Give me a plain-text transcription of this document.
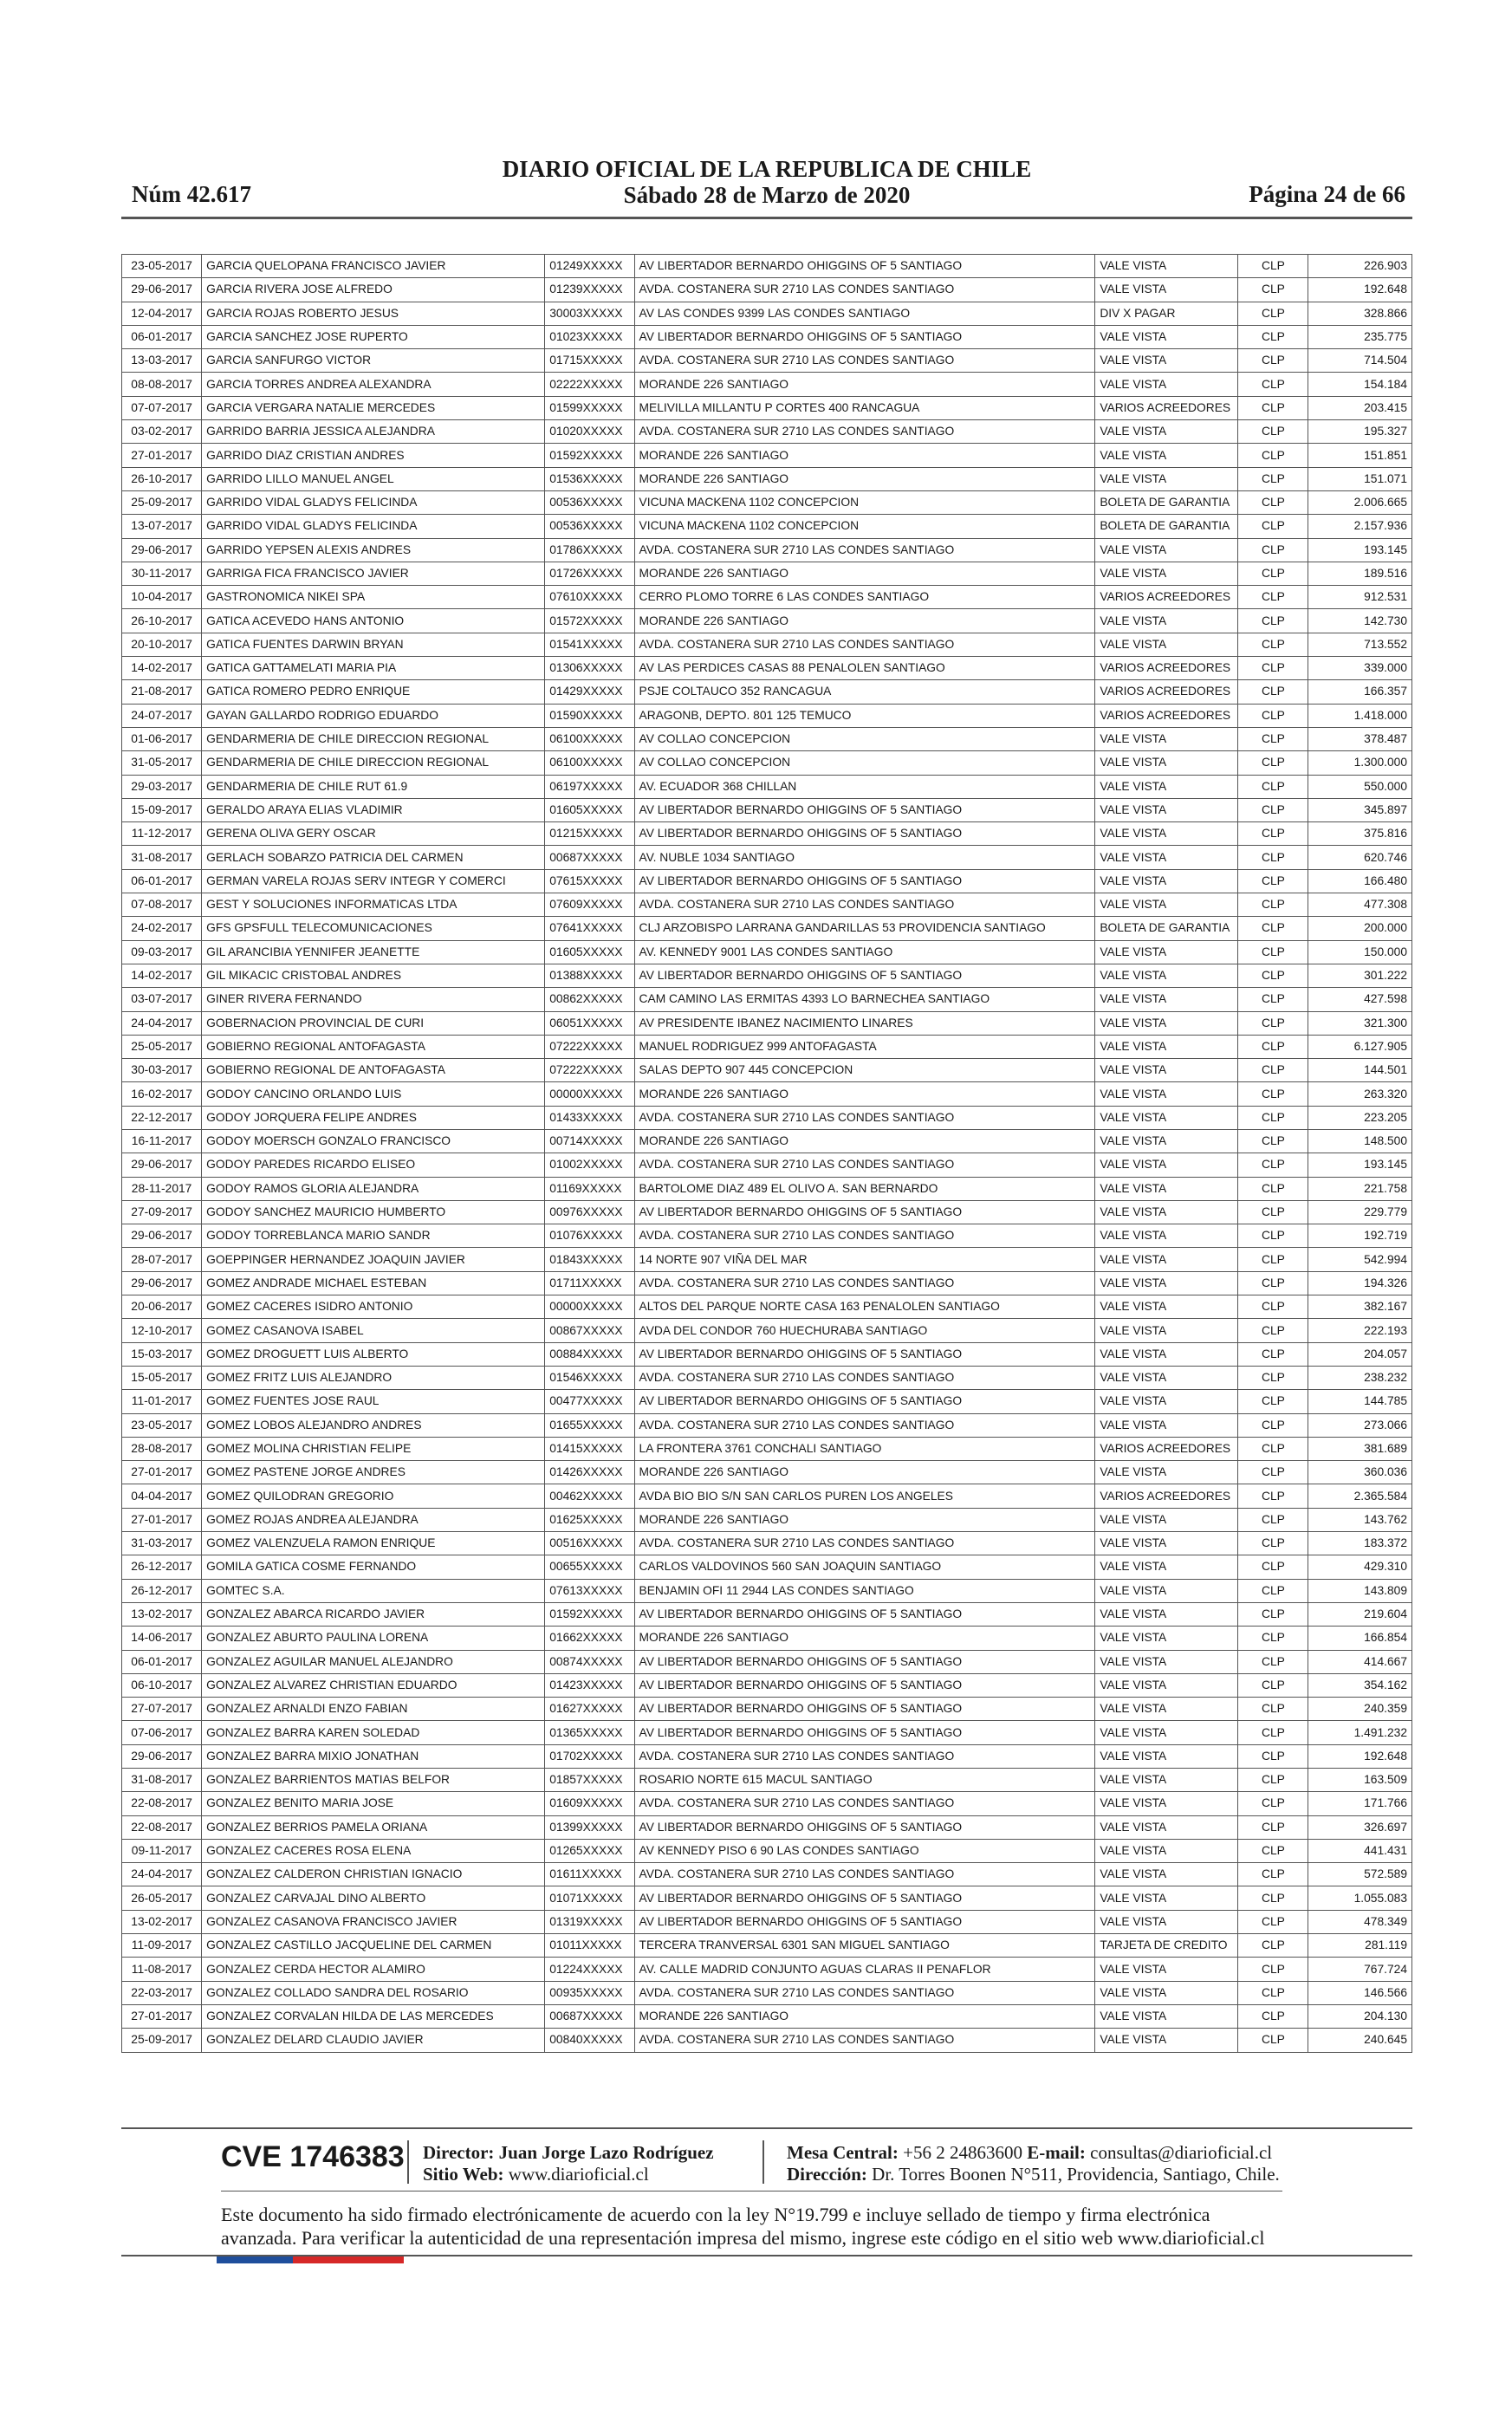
Núm 42.617
DIARIO OFICIAL DE LA REPUBLICA DE CHILE
Sábado 28 de Marzo de 2020	Página 24 de 66
23-05-2017	GARCIA QUELOPANA FRANCISCO JAVIER	01249XXXXX	AV LIBERTADOR BERNARDO OHIGGINS OF 5 SANTIAGO	VALE VISTA	CLP	226.903
29-06-2017	GARCIA RIVERA JOSE ALFREDO	01239XXXXX	AVDA. COSTANERA SUR 2710 LAS CONDES SANTIAGO	VALE VISTA	CLP	192.648
12-04-2017	GARCIA ROJAS ROBERTO JESUS	30003XXXXX	AV LAS CONDES 9399 LAS CONDES SANTIAGO	DIV X PAGAR	CLP	328.866
06-01-2017	GARCIA SANCHEZ JOSE RUPERTO	01023XXXXX	AV LIBERTADOR BERNARDO OHIGGINS OF 5 SANTIAGO	VALE VISTA	CLP	235.775
13-03-2017	GARCIA SANFURGO VICTOR	01715XXXXX	AVDA. COSTANERA SUR 2710 LAS CONDES SANTIAGO	VALE VISTA	CLP	714.504
08-08-2017	GARCIA TORRES ANDREA ALEXANDRA	02222XXXXX	MORANDE 226 SANTIAGO	VALE VISTA	CLP	154.184
07-07-2017	GARCIA VERGARA NATALIE MERCEDES	01599XXXXX	MELIVILLA MILLANTU P CORTES 400 RANCAGUA	VARIOS ACREEDORES	CLP	203.415
03-02-2017	GARRIDO BARRIA JESSICA ALEJANDRA	01020XXXXX	AVDA. COSTANERA SUR 2710 LAS CONDES SANTIAGO	VALE VISTA	CLP	195.327
27-01-2017	GARRIDO DIAZ CRISTIAN ANDRES	01592XXXXX	MORANDE 226 SANTIAGO	VALE VISTA	CLP	151.851
26-10-2017	GARRIDO LILLO MANUEL ANGEL	01536XXXXX	MORANDE 226 SANTIAGO	VALE VISTA	CLP	151.071
25-09-2017	GARRIDO VIDAL GLADYS FELICINDA	00536XXXXX	VICUNA MACKENA 1102 CONCEPCION	BOLETA DE GARANTIA	CLP	2.006.665
13-07-2017	GARRIDO VIDAL GLADYS FELICINDA	00536XXXXX	VICUNA MACKENA 1102 CONCEPCION	BOLETA DE GARANTIA	CLP	2.157.936
29-06-2017	GARRIDO YEPSEN ALEXIS ANDRES	01786XXXXX	AVDA. COSTANERA SUR 2710 LAS CONDES SANTIAGO	VALE VISTA	CLP	193.145
30-11-2017	GARRIGA FICA FRANCISCO JAVIER	01726XXXXX	MORANDE 226 SANTIAGO	VALE VISTA	CLP	189.516
10-04-2017	GASTRONOMICA NIKEI SPA	07610XXXXX	CERRO PLOMO TORRE 6 LAS CONDES SANTIAGO	VARIOS ACREEDORES	CLP	912.531
26-10-2017	GATICA ACEVEDO HANS ANTONIO	01572XXXXX	MORANDE 226 SANTIAGO	VALE VISTA	CLP	142.730
20-10-2017	GATICA FUENTES DARWIN BRYAN	01541XXXXX	AVDA. COSTANERA SUR 2710 LAS CONDES SANTIAGO	VALE VISTA	CLP	713.552
14-02-2017	GATICA GATTAMELATI MARIA PIA	01306XXXXX	AV LAS PERDICES CASAS 88 PENALOLEN SANTIAGO	VARIOS ACREEDORES	CLP	339.000
21-08-2017	GATICA ROMERO PEDRO ENRIQUE	01429XXXXX	PSJE COLTAUCO 352 RANCAGUA	VARIOS ACREEDORES	CLP	166.357
24-07-2017	GAYAN GALLARDO RODRIGO EDUARDO	01590XXXXX	ARAGONB, DEPTO. 801 125 TEMUCO	VARIOS ACREEDORES	CLP	1.418.000
01-06-2017	GENDARMERIA DE CHILE DIRECCION REGIONAL	06100XXXXX	AV COLLAO CONCEPCION	VALE VISTA	CLP	378.487
31-05-2017	GENDARMERIA DE CHILE DIRECCION REGIONAL	06100XXXXX	AV COLLAO CONCEPCION	VALE VISTA	CLP	1.300.000
29-03-2017	GENDARMERIA DE CHILE RUT 61.9	06197XXXXX	AV. ECUADOR 368 CHILLAN	VALE VISTA	CLP	550.000
15-09-2017	GERALDO ARAYA ELIAS VLADIMIR	01605XXXXX	AV LIBERTADOR BERNARDO OHIGGINS OF 5 SANTIAGO	VALE VISTA	CLP	345.897
11-12-2017	GERENA OLIVA GERY OSCAR	01215XXXXX	AV LIBERTADOR BERNARDO OHIGGINS OF 5 SANTIAGO	VALE VISTA	CLP	375.816
31-08-2017	GERLACH SOBARZO PATRICIA DEL CARMEN	00687XXXXX	AV. NUBLE 1034 SANTIAGO	VALE VISTA	CLP	620.746
06-01-2017	GERMAN VARELA ROJAS SERV INTEGR Y COMERCI	07615XXXXX	AV LIBERTADOR BERNARDO OHIGGINS OF 5 SANTIAGO	VALE VISTA	CLP	166.480
07-08-2017	GEST Y SOLUCIONES INFORMATICAS LTDA	07609XXXXX	AVDA. COSTANERA SUR 2710 LAS CONDES SANTIAGO	VALE VISTA	CLP	477.308
24-02-2017	GFS GPSFULL TELECOMUNICACIONES	07641XXXXX	CLJ ARZOBISPO LARRANA GANDARILLAS 53 PROVIDENCIA SANTIAGO	BOLETA DE GARANTIA	CLP	200.000
09-03-2017	GIL ARANCIBIA YENNIFER JEANETTE	01605XXXXX	AV. KENNEDY 9001 LAS CONDES SANTIAGO	VALE VISTA	CLP	150.000
14-02-2017	GIL MIKACIC CRISTOBAL ANDRES	01388XXXXX	AV LIBERTADOR BERNARDO OHIGGINS OF 5 SANTIAGO	VALE VISTA	CLP	301.222
03-07-2017	GINER RIVERA FERNANDO	00862XXXXX	CAM CAMINO LAS ERMITAS 4393 LO BARNECHEA SANTIAGO	VALE VISTA	CLP	427.598
24-04-2017	GOBERNACION PROVINCIAL DE CURI	06051XXXXX	AV PRESIDENTE IBANEZ NACIMIENTO LINARES	VALE VISTA	CLP	321.300
25-05-2017	GOBIERNO REGIONAL ANTOFAGASTA	07222XXXXX	MANUEL RODRIGUEZ 999 ANTOFAGASTA	VALE VISTA	CLP	6.127.905
30-03-2017	GOBIERNO REGIONAL DE ANTOFAGASTA	07222XXXXX	SALAS DEPTO 907 445 CONCEPCION	VALE VISTA	CLP	144.501
16-02-2017	GODOY CANCINO ORLANDO LUIS	00000XXXXX	MORANDE 226 SANTIAGO	VALE VISTA	CLP	263.320
22-12-2017	GODOY JORQUERA FELIPE ANDRES	01433XXXXX	AVDA. COSTANERA SUR 2710 LAS CONDES SANTIAGO	VALE VISTA	CLP	223.205
16-11-2017	GODOY MOERSCH GONZALO FRANCISCO	00714XXXXX	MORANDE 226 SANTIAGO	VALE VISTA	CLP	148.500
29-06-2017	GODOY PAREDES RICARDO ELISEO	01002XXXXX	AVDA. COSTANERA SUR 2710 LAS CONDES SANTIAGO	VALE VISTA	CLP	193.145
28-11-2017	GODOY RAMOS GLORIA ALEJANDRA	01169XXXXX	BARTOLOME DIAZ 489 EL OLIVO A. SAN BERNARDO	VALE VISTA	CLP	221.758
27-09-2017	GODOY SANCHEZ MAURICIO HUMBERTO	00976XXXXX	AV LIBERTADOR BERNARDO OHIGGINS OF 5 SANTIAGO	VALE VISTA	CLP	229.779
29-06-2017	GODOY TORREBLANCA MARIO SANDR	01076XXXXX	AVDA. COSTANERA SUR 2710 LAS CONDES SANTIAGO	VALE VISTA	CLP	192.719
28-07-2017	GOEPPINGER HERNANDEZ JOAQUIN JAVIER	01843XXXXX	14 NORTE 907 VIÑA DEL MAR	VALE VISTA	CLP	542.994
29-06-2017	GOMEZ ANDRADE MICHAEL ESTEBAN	01711XXXXX	AVDA. COSTANERA SUR 2710 LAS CONDES SANTIAGO	VALE VISTA	CLP	194.326
20-06-2017	GOMEZ CACERES ISIDRO ANTONIO	00000XXXXX	ALTOS DEL PARQUE NORTE CASA 163 PENALOLEN SANTIAGO	VALE VISTA	CLP	382.167
12-10-2017	GOMEZ CASANOVA ISABEL	00867XXXXX	AVDA DEL CONDOR 760 HUECHURABA SANTIAGO	VALE VISTA	CLP	222.193
15-03-2017	GOMEZ DROGUETT LUIS ALBERTO	00884XXXXX	AV LIBERTADOR BERNARDO OHIGGINS OF 5 SANTIAGO	VALE VISTA	CLP	204.057
15-05-2017	GOMEZ FRITZ LUIS ALEJANDRO	01546XXXXX	AVDA. COSTANERA SUR 2710 LAS CONDES SANTIAGO	VALE VISTA	CLP	238.232
11-01-2017	GOMEZ FUENTES JOSE RAUL	00477XXXXX	AV LIBERTADOR BERNARDO OHIGGINS OF 5 SANTIAGO	VALE VISTA	CLP	144.785
23-05-2017	GOMEZ LOBOS ALEJANDRO ANDRES	01655XXXXX	AVDA. COSTANERA SUR 2710 LAS CONDES SANTIAGO	VALE VISTA	CLP	273.066
28-08-2017	GOMEZ MOLINA CHRISTIAN FELIPE	01415XXXXX	LA FRONTERA 3761 CONCHALI SANTIAGO	VARIOS ACREEDORES	CLP	381.689
27-01-2017	GOMEZ PASTENE JORGE ANDRES	01426XXXXX	MORANDE 226 SANTIAGO	VALE VISTA	CLP	360.036
04-04-2017	GOMEZ QUILODRAN GREGORIO	00462XXXXX	AVDA BIO BIO S/N SAN CARLOS PUREN LOS ANGELES	VARIOS ACREEDORES	CLP	2.365.584
27-01-2017	GOMEZ ROJAS ANDREA ALEJANDRA	01625XXXXX	MORANDE 226 SANTIAGO	VALE VISTA	CLP	143.762
31-03-2017	GOMEZ VALENZUELA RAMON ENRIQUE	00516XXXXX	AVDA. COSTANERA SUR 2710 LAS CONDES SANTIAGO	VALE VISTA	CLP	183.372
26-12-2017	GOMILA GATICA COSME FERNANDO	00655XXXXX	CARLOS VALDOVINOS 560 SAN JOAQUIN SANTIAGO	VALE VISTA	CLP	429.310
26-12-2017	GOMTEC S.A.	07613XXXXX	BENJAMIN OFI 11 2944 LAS CONDES SANTIAGO	VALE VISTA	CLP	143.809
13-02-2017	GONZALEZ ABARCA RICARDO JAVIER	01592XXXXX	AV LIBERTADOR BERNARDO OHIGGINS OF 5 SANTIAGO	VALE VISTA	CLP	219.604
14-06-2017	GONZALEZ ABURTO PAULINA LORENA	01662XXXXX	MORANDE 226 SANTIAGO	VALE VISTA	CLP	166.854
06-01-2017	GONZALEZ AGUILAR MANUEL ALEJANDRO	00874XXXXX	AV LIBERTADOR BERNARDO OHIGGINS OF 5 SANTIAGO	VALE VISTA	CLP	414.667
06-10-2017	GONZALEZ ALVAREZ CHRISTIAN EDUARDO	01423XXXXX	AV LIBERTADOR BERNARDO OHIGGINS OF 5 SANTIAGO	VALE VISTA	CLP	354.162
27-07-2017	GONZALEZ ARNALDI ENZO FABIAN	01627XXXXX	AV LIBERTADOR BERNARDO OHIGGINS OF 5 SANTIAGO	VALE VISTA	CLP	240.359
07-06-2017	GONZALEZ BARRA KAREN SOLEDAD	01365XXXXX	AV LIBERTADOR BERNARDO OHIGGINS OF 5 SANTIAGO	VALE VISTA	CLP	1.491.232
29-06-2017	GONZALEZ BARRA MIXIO JONATHAN	01702XXXXX	AVDA. COSTANERA SUR 2710 LAS CONDES SANTIAGO	VALE VISTA	CLP	192.648
31-08-2017	GONZALEZ BARRIENTOS MATIAS BELFOR	01857XXXXX	ROSARIO NORTE 615 MACUL SANTIAGO	VALE VISTA	CLP	163.509
22-08-2017	GONZALEZ BENITO MARIA JOSE	01609XXXXX	AVDA. COSTANERA SUR 2710 LAS CONDES SANTIAGO	VALE VISTA	CLP	171.766
22-08-2017	GONZALEZ BERRIOS PAMELA ORIANA	01399XXXXX	AV LIBERTADOR BERNARDO OHIGGINS OF 5 SANTIAGO	VALE VISTA	CLP	326.697
09-11-2017	GONZALEZ CACERES ROSA ELENA	01265XXXXX	AV KENNEDY PISO 6 90 LAS CONDES SANTIAGO	VALE VISTA	CLP	441.431
24-04-2017	GONZALEZ CALDERON CHRISTIAN IGNACIO	01611XXXXX	AVDA. COSTANERA SUR 2710 LAS CONDES SANTIAGO	VALE VISTA	CLP	572.589
26-05-2017	GONZALEZ CARVAJAL DINO ALBERTO	01071XXXXX	AV LIBERTADOR BERNARDO OHIGGINS OF 5 SANTIAGO	VALE VISTA	CLP	1.055.083
13-02-2017	GONZALEZ CASANOVA FRANCISCO JAVIER	01319XXXXX	AV LIBERTADOR BERNARDO OHIGGINS OF 5 SANTIAGO	VALE VISTA	CLP	478.349
11-09-2017	GONZALEZ CASTILLO JACQUELINE DEL CARMEN	01011XXXXX	TERCERA TRANVERSAL 6301 SAN MIGUEL SANTIAGO	TARJETA DE CREDITO	CLP	281.119
11-08-2017	GONZALEZ CERDA HECTOR ALAMIRO	01224XXXXX	AV. CALLE MADRID CONJUNTO AGUAS CLARAS II PENAFLOR	VALE VISTA	CLP	767.724
22-03-2017	GONZALEZ COLLADO SANDRA DEL ROSARIO	00935XXXXX	AVDA. COSTANERA SUR 2710 LAS CONDES SANTIAGO	VALE VISTA	CLP	146.566
27-01-2017	GONZALEZ CORVALAN HILDA DE LAS MERCEDES	00687XXXXX	MORANDE 226 SANTIAGO	VALE VISTA	CLP	204.130
25-09-2017	GONZALEZ DELARD CLAUDIO JAVIER	00840XXXXX	AVDA. COSTANERA SUR 2710 LAS CONDES SANTIAGO	VALE VISTA	CLP	240.645
CVE 1746383 Director: Juan Jorge Lazo Rodríguez
Sitio Web: www.diarioficial.cl
Mesa Central: +56 2 24863600 E-mail: consultas@diarioficial.cl
Dirección: Dr. Torres Boonen N°511, Providencia, Santiago, Chile.
Este documento ha sido firmado electrónicamente de acuerdo con la ley N°19.799 e incluye sellado de tiempo y firma electrónica
avanzada. Para verificar la autenticidad de una representación impresa del mismo, ingrese este código en el sitio web www.diarioficial.cl
